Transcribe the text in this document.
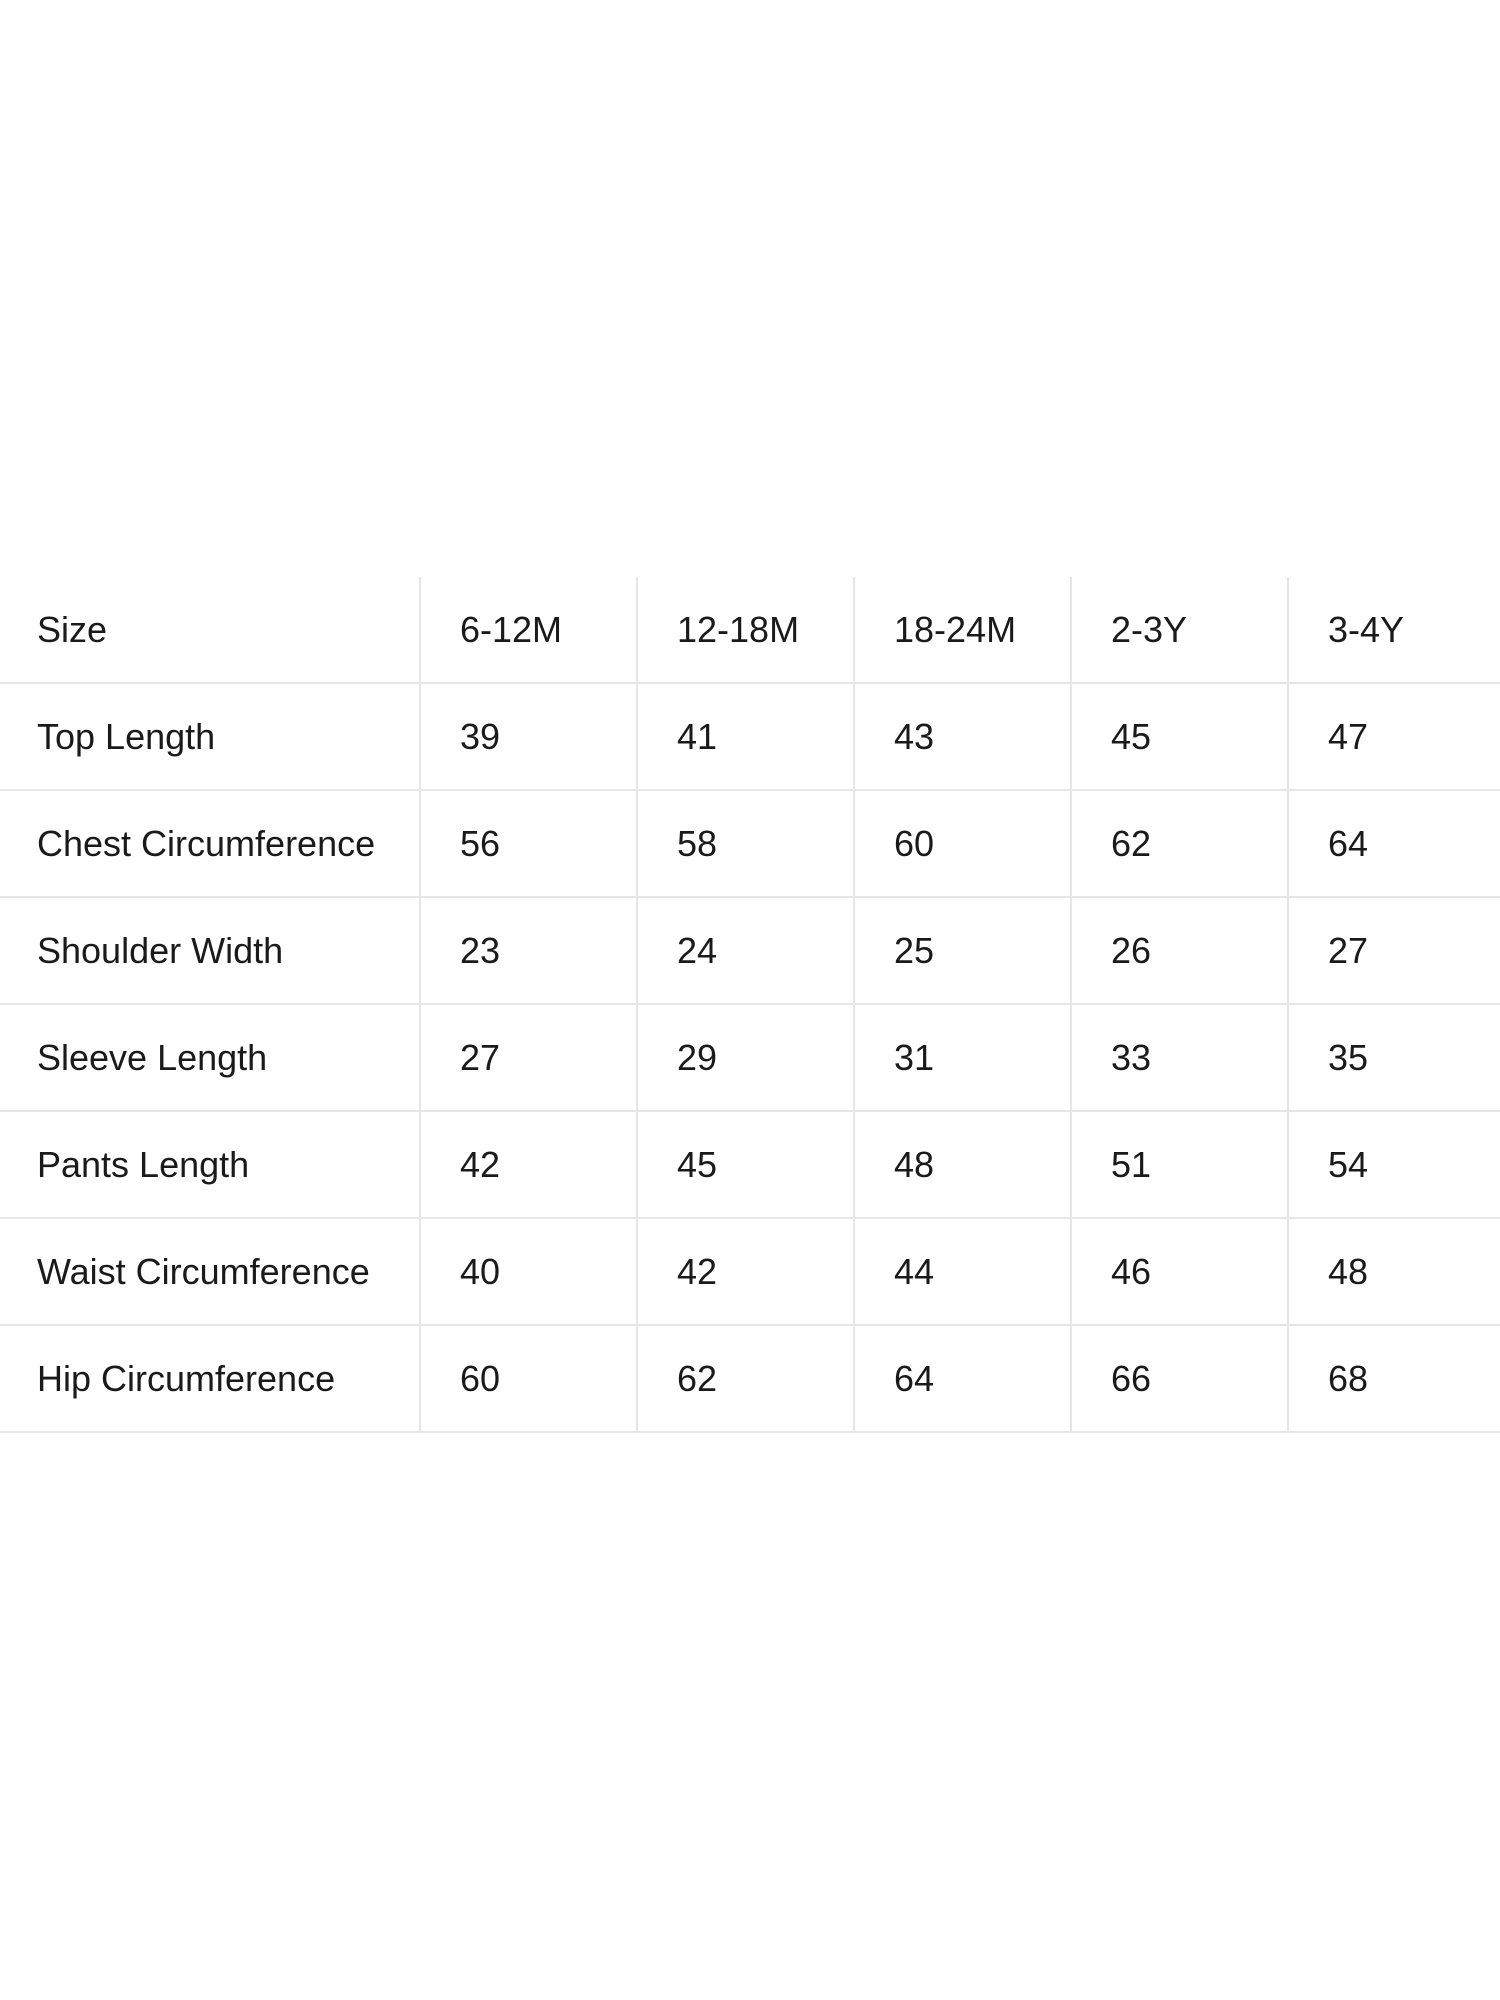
Size	6-12M	12-18M	18-24M	2-3Y	3-4Y
Top Length	39	41	43	45	47
Chest Circumference	56	58	60	62	64
Shoulder Width	23	24	25	26	27
Sleeve Length	27	29	31	33	35
Pants Length	42	45	48	51	54
Waist Circumference	40	42	44	46	48
Hip Circumference	60	62	64	66	68
